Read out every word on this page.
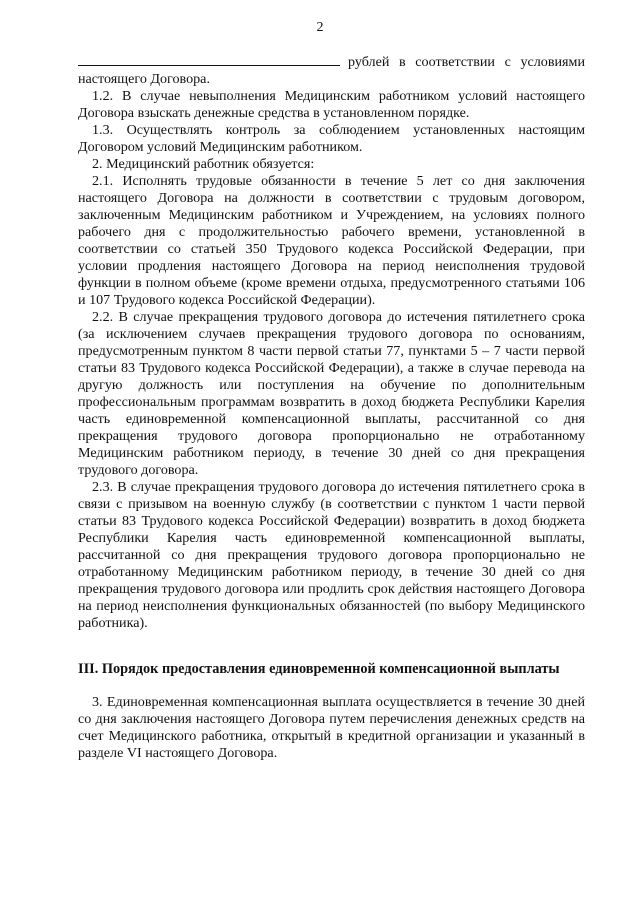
2
рублей в соответствии с условиями

настоящего Договора.

1.2. В случае невыполнения Медицинским работником условий настоящего Договора взыскать денежные средства в установленном порядке.

1.3. Осуществлять контроль за соблюдением установленных настоящим Договором условий Медицинским работником.

2. Медицинский работник обязуется:

2.1. Исполнять трудовые обязанности в течение 5 лет со дня заключения настоящего Договора на должности в соответствии с трудовым договором, заключенным Медицинским работником и Учреждением, на условиях полного рабочего дня с продолжительностью рабочего времени, установленной в соответствии со статьей 350 Трудового кодекса Российской Федерации, при условии продления настоящего Договора на период неисполнения трудовой функции в полном объеме (кроме времени отдыха, предусмотренного статьями 106 и 107 Трудового кодекса Российской Федерации).

2.2. В случае прекращения трудового договора до истечения пятилетнего срока (за исключением случаев прекращения трудового договора по основаниям, предусмотренным пунктом 8 части первой статьи 77, пунктами 5 – 7 части первой статьи 83 Трудового кодекса Российской Федерации), а также в случае перевода на другую должность или поступления на обучение по дополнительным профессиональным программам возвратить в доход бюджета Республики Карелия часть единовременной компенсационной выплаты, рассчитанной со дня прекращения трудового договора пропорционально не отработанному Медицинским работником периоду, в течение 30 дней со дня прекращения трудового договора.

2.3. В случае прекращения трудового договора до истечения пятилетнего срока в связи с призывом на военную службу (в соответствии с пунктом 1 части первой статьи 83 Трудового кодекса Российской Федерации) возвратить в доход бюджета Республики Карелия часть единовременной компенсационной выплаты, рассчитанной со дня прекращения трудового договора пропорционально не отработанному Медицинским работником периоду, в течение 30 дней со дня прекращения трудового договора или продлить срок действия настоящего Договора на период неисполнения функциональных обязанностей (по выбору Медицинского работника).

III. Порядок предоставления единовременной компенсационной выплаты

3. Единовременная компенсационная выплата осуществляется в течение 30 дней со дня заключения настоящего Договора путем перечисления денежных средств на счет Медицинского работника, открытый в кредитной организации и указанный в разделе VI настоящего Договора.
